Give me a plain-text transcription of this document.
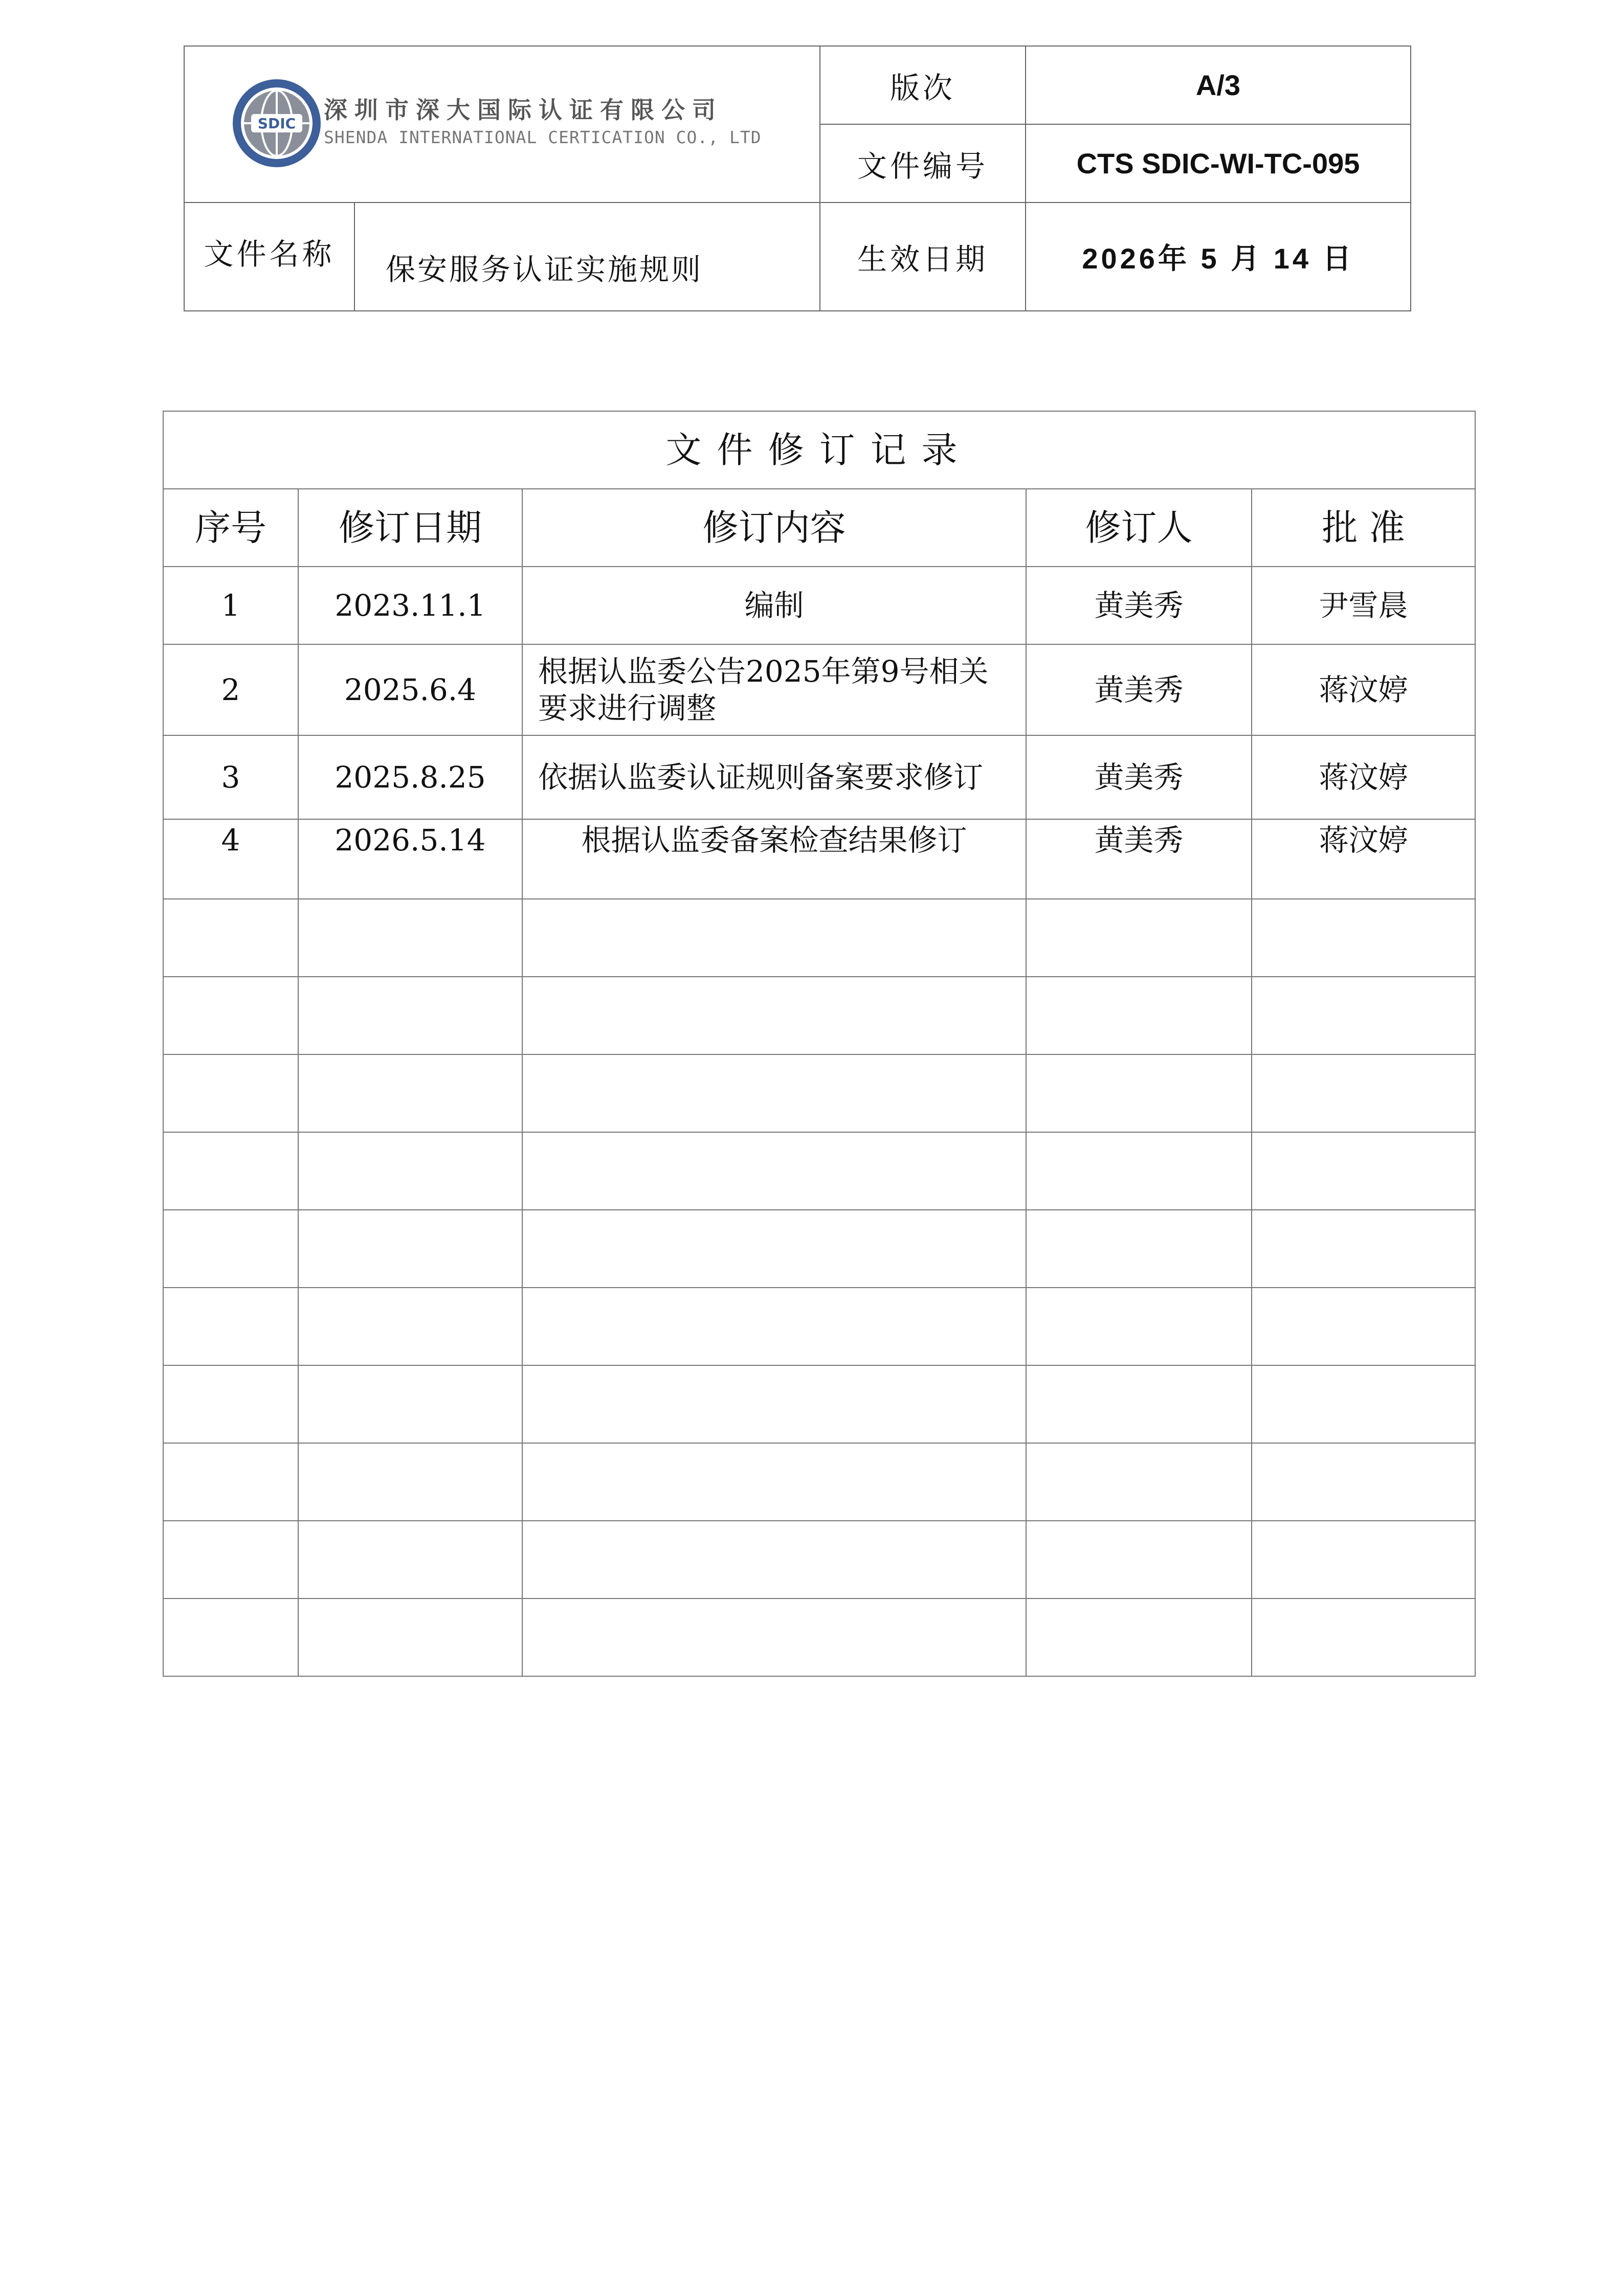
SDIC 深圳市深大国际认证有限公司
SHENDA INTERNATIONAL CERTICATION CO., LTD		版次	A/3
		文件编号	CTS SDIC-WI-TC-095
文件名称	保安服务认证实施规则	生效日期	2026年 5 月 14 日
文件修订记录				
序号	修订日期	修订内容	修订人	批 准
1	2023.11.1	编制	黄美秀	尹雪晨
2	2025.6.4	根据认监委公告2025年第9号相关要求进行调整	黄美秀	蒋汶婷
3	2025.8.25	依据认监委认证规则备案要求修订	黄美秀	蒋汶婷
4	2026.5.14	根据认监委备案检查结果修订	黄美秀	蒋汶婷
